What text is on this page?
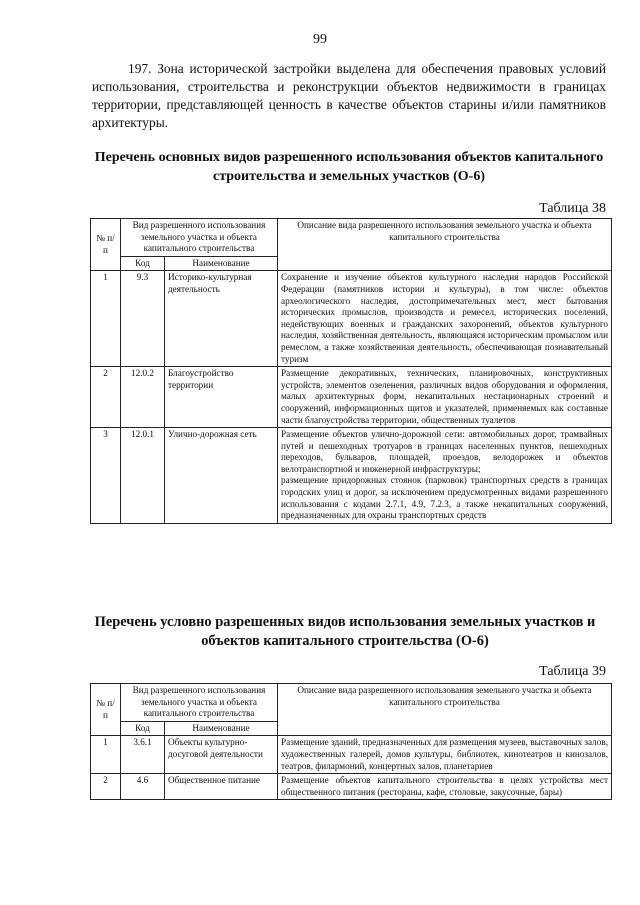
99
197. Зона исторической застройки выделена для обеспечения правовых условий использования, строительства и реконструкции объектов недвижимости в границах территории, представляющей ценность в качестве объектов старины и/или памятников архитектуры.
Перечень основных видов разрешенного использования объектов капитального строительства и земельных участков (О-6)
Таблица 38
№ п/п	Вид разрешенного использования земельного участка и объекта капитального строительства		Описание вида разрешенного использования земельного участка и объекта капитального строительства
	Код	Наименование	
1	9.3	Историко-культурная деятельность	Сохранение и изучение объектов культурного наследия народов Российской Федерации (памятников истории и культуры), в том числе: объектов археологического наследия, достопримечательных мест, мест бытования исторических промыслов, производств и ремесел, исторических поселений, недействующих военных и гражданских захоронений, объектов культурного наследия, хозяйственная деятельность, являющаяся историческим промыслом или ремеслом, а также хозяйственная деятельность, обеспечивающая познавательный туризм

2	12.0.2	Благоустройство территории	Размещение декоративных, технических, планировочных, конструктивных устройств, элементов озеленения, различных видов оборудования и оформления, малых архитектурных форм, некапитальных нестационарных строений и сооружений, информационных щитов и указателей, применяемых как составные части благоустройства территории, общественных туалетов

3	12.0.1	Улично-дорожная сеть	Размещение объектов улично-дорожной сети: автомобильных дорог, трамвайных путей и пешеходных тротуаров в границах населенных пунктов, пешеходных переходов, бульваров, площадей, проездов, велодорожек и объектов велотранспортной и инженерной инфраструктуры;
размещение придорожных стоянок (парковок) транспортных средств в границах городских улиц и дорог, за исключением предусмотренных видами разрешенного использования с кодами 2.7.1, 4.9, 7.2.3, а также некапитальных сооружений, предназначенных для охраны транспортных средств
Перечень условно разрешенных видов использования земельных участков и объектов капитального строительства (О-6)
Таблица 39
№ п/п	Вид разрешенного использования земельного участка и объекта капитального строительства		Описание вида разрешенного использования земельного участка и объекта капитального строительства
	Код	Наименование	
1	3.6.1	Объекты культурно-досуговой деятельности	Размещение зданий, предназначенных для размещения музеев, выставочных залов, художественных галерей, домов культуры, библиотек, кинотеатров и кинозалов, театров, филармоний, концертных залов, планетариев

2	4.6	Общественное питание	Размещение объектов капитального строительства в целях устройства мест общественного питания (рестораны, кафе, столовые, закусочные, бары)
